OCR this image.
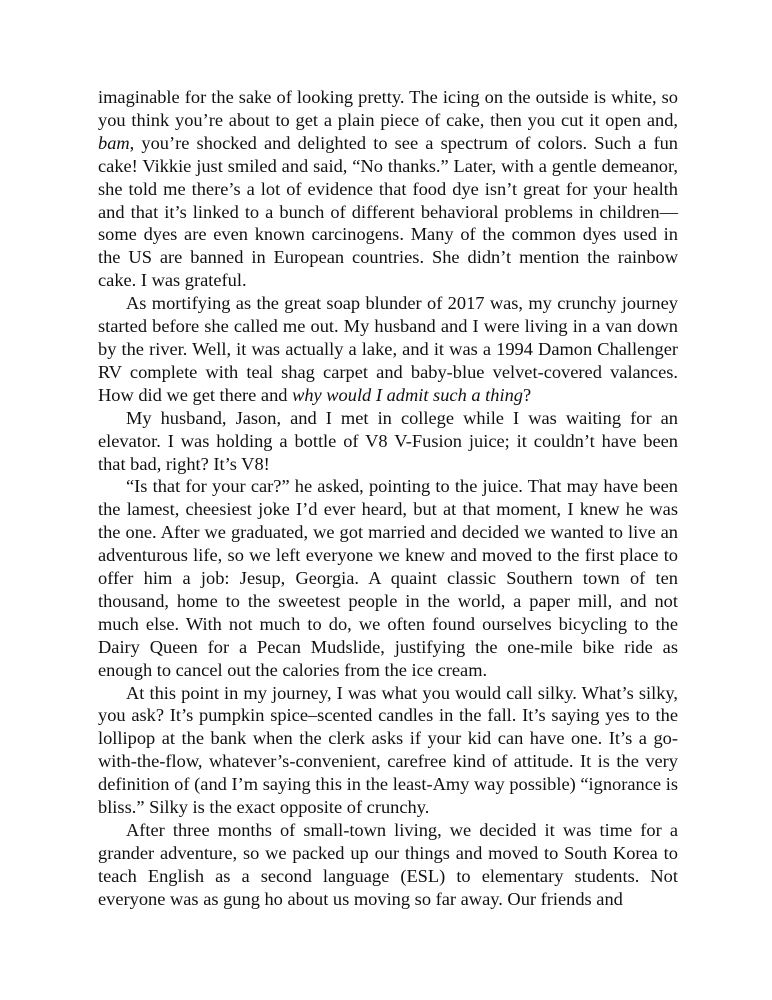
imaginable for the sake of looking pretty. The icing on the outside is white, so you think you’re about to get a plain piece of cake, then you cut it open and, bam, you’re shocked and delighted to see a spectrum of colors. Such a fun cake! Vikkie just smiled and said, “No thanks.” Later, with a gentle demeanor, she told me there’s a lot of evidence that food dye isn’t great for your health and that it’s linked to a bunch of different behavioral problems in children—some dyes are even known carcinogens. Many of the common dyes used in the US are banned in European countries. She didn’t mention the rainbow cake. I was grateful.

As mortifying as the great soap blunder of 2017 was, my crunchy journey started before she called me out. My husband and I were living in a van down by the river. Well, it was actually a lake, and it was a 1994 Damon Challenger RV complete with teal shag carpet and baby-blue velvet-covered valances. How did we get there and why would I admit such a thing?

My husband, Jason, and I met in college while I was waiting for an elevator. I was holding a bottle of V8 V-Fusion juice; it couldn’t have been that bad, right? It’s V8!

“Is that for your car?” he asked, pointing to the juice. That may have been the lamest, cheesiest joke I’d ever heard, but at that moment, I knew he was the one. After we graduated, we got married and decided we wanted to live an adventurous life, so we left everyone we knew and moved to the first place to offer him a job: Jesup, Georgia. A quaint classic Southern town of ten thousand, home to the sweetest people in the world, a paper mill, and not much else. With not much to do, we often found ourselves bicycling to the Dairy Queen for a Pecan Mudslide, justifying the one-mile bike ride as enough to cancel out the calories from the ice cream.

At this point in my journey, I was what you would call silky. What’s silky, you ask? It’s pumpkin spice–scented candles in the fall. It’s saying yes to the lollipop at the bank when the clerk asks if your kid can have one. It’s a go-with-the-flow, whatever’s-convenient, carefree kind of attitude. It is the very definition of (and I’m saying this in the least-Amy way possible) “ignorance is bliss.” Silky is the exact opposite of crunchy.

After three months of small-town living, we decided it was time for a grander adventure, so we packed up our things and moved to South Korea to teach English as a second language (ESL) to elementary students. Not everyone was as gung ho about us moving so far away. Our friends and
